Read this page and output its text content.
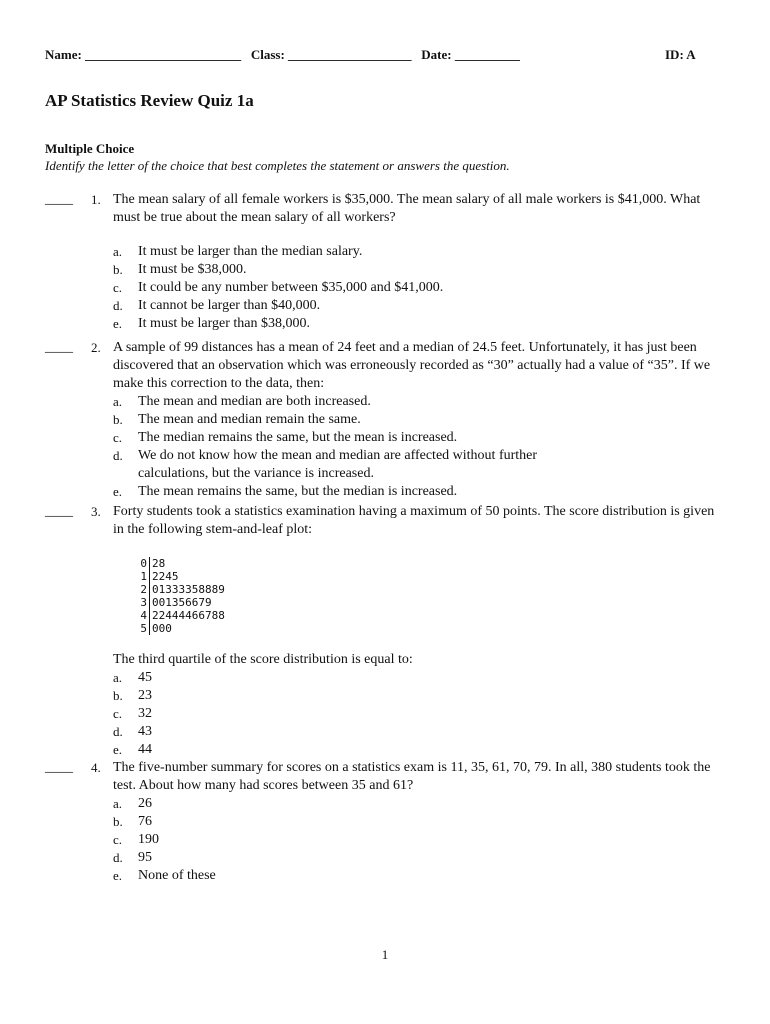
Name: ________________________ Class: ___________________ Date: __________	ID: A
AP Statistics Review Quiz 1a
Multiple Choice
Identify the letter of the choice that best completes the statement or answers the question.
____ 1. The mean salary of all female workers is $35,000. The mean salary of all male workers is $41,000. What must be true about the mean salary of all workers?

a. It must be larger than the median salary.
b. It must be $38,000.
c. It could be any number between $35,000 and $41,000.
d. It cannot be larger than $40,000.
e. It must be larger than $38,000.
____ 2. A sample of 99 distances has a mean of 24 feet and a median of 24.5 feet. Unfortunately, it has just been discovered that an observation which was erroneously recorded as “30” actually had a value of “35”. If we make this correction to the data, then:

a. The mean and median are both increased.
b. The mean and median remain the same.
c. The median remains the same, but the mean is increased.
d. We do not know how the mean and median are affected without further calculations, but the variance is increased.
e. The mean remains the same, but the median is increased.
____ 3. Forty students took a statistics examination having a maximum of 50 points. The score distribution is given in the following stem-and-leaf plot:

0 28
1 2245
2 01333358889
3 001356679
4 22444466788
5 000

The third quartile of the score distribution is equal to:

a. 45
b. 23
c. 32
d. 43
e. 44
____ 4. The five-number summary for scores on a statistics exam is 11, 35, 61, 70, 79. In all, 380 students took the test. About how many had scores between 35 and 61?

a. 26
b. 76
c. 190
d. 95
e. None of these
1
